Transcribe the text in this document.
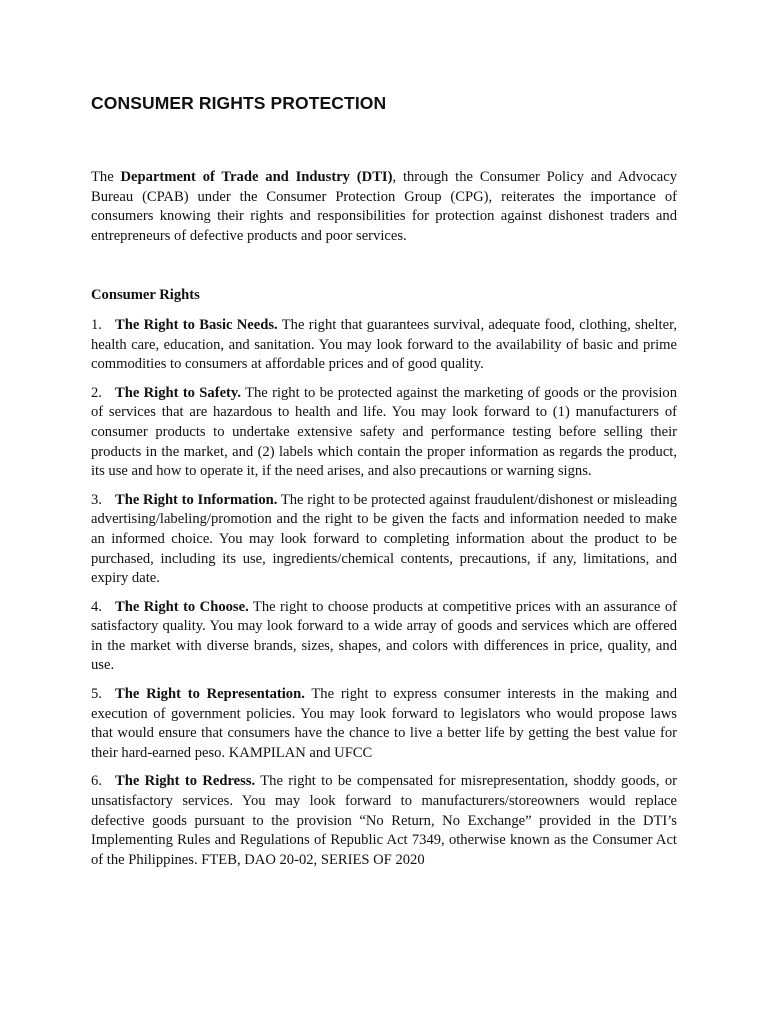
CONSUMER RIGHTS PROTECTION

The Department of Trade and Industry (DTI), through the Consumer Policy and Advocacy Bureau (CPAB) under the Consumer Protection Group (CPG), reiterates the importance of consumers knowing their rights and responsibilities for protection against dishonest traders and entrepreneurs of defective products and poor services.

Consumer Rights

1. The Right to Basic Needs. The right that guarantees survival, adequate food, clothing, shelter, health care, education, and sanitation. You may look forward to the availability of basic and prime commodities to consumers at affordable prices and of good quality.

2. The Right to Safety. The right to be protected against the marketing of goods or the provision of services that are hazardous to health and life. You may look forward to (1) manufacturers of consumer products to undertake extensive safety and performance testing before selling their products in the market, and (2) labels which contain the proper information as regards the product, its use and how to operate it, if the need arises, and also precautions or warning signs.

3. The Right to Information. The right to be protected against fraudulent/dishonest or misleading advertising/labeling/promotion and the right to be given the facts and information needed to make an informed choice. You may look forward to completing information about the product to be purchased, including its use, ingredients/chemical contents, precautions, if any, limitations, and expiry date.

4. The Right to Choose. The right to choose products at competitive prices with an assurance of satisfactory quality. You may look forward to a wide array of goods and services which are offered in the market with diverse brands, sizes, shapes, and colors with differences in price, quality, and use.

5. The Right to Representation. The right to express consumer interests in the making and execution of government policies. You may look forward to legislators who would propose laws that would ensure that consumers have the chance to live a better life by getting the best value for their hard-earned peso. KAMPILAN and UFCC

6. The Right to Redress. The right to be compensated for misrepresentation, shoddy goods, or unsatisfactory services. You may look forward to manufacturers/storeowners would replace defective goods pursuant to the provision “No Return, No Exchange” provided in the DTI’s Implementing Rules and Regulations of Republic Act 7349, otherwise known as the Consumer Act of the Philippines. FTEB, DAO 20-02, SERIES OF 2020
